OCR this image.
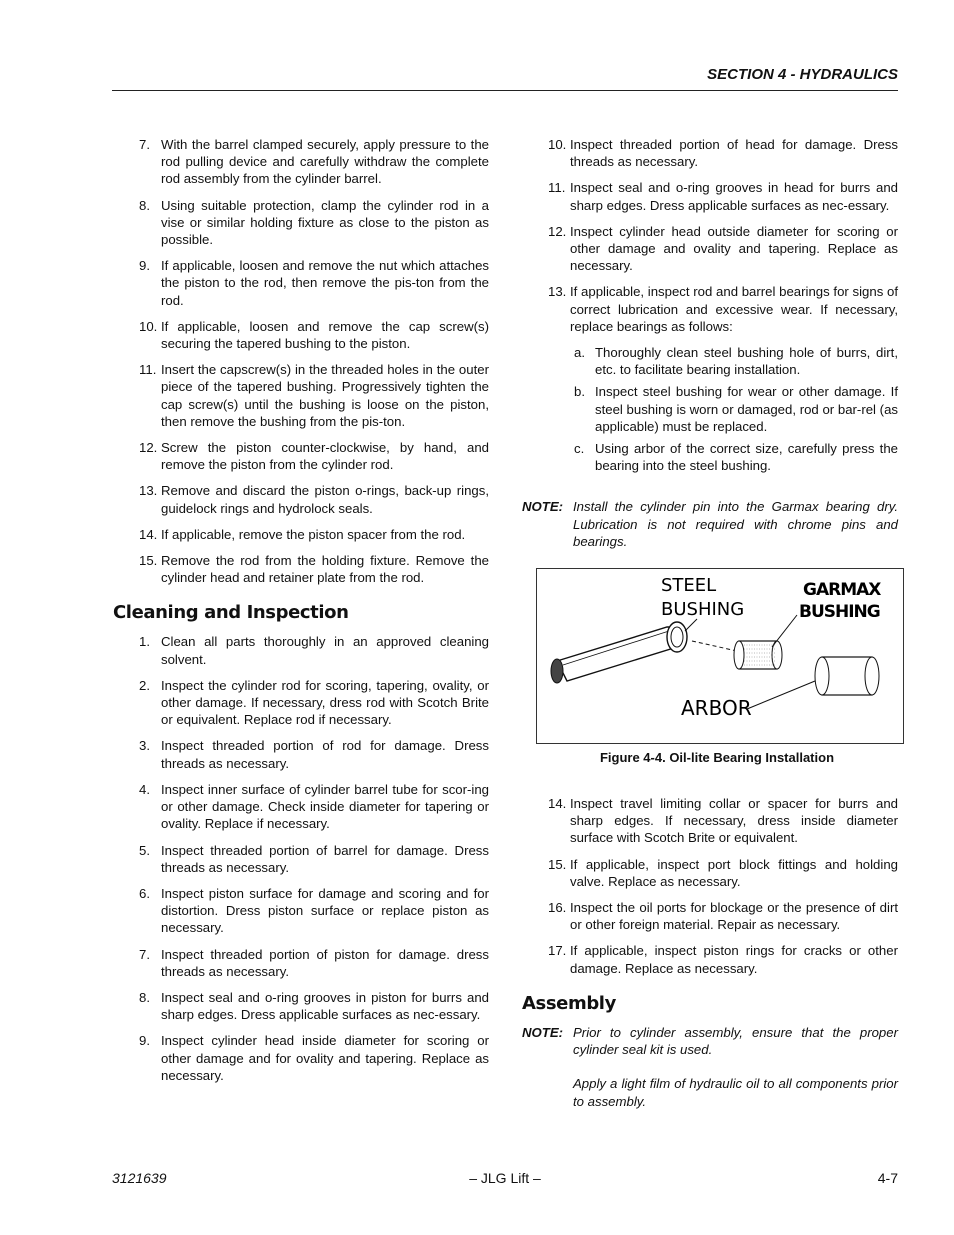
SECTION 4 - HYDRAULICS
7. With the barrel clamped securely, apply pressure to the rod pulling device and carefully withdraw the complete rod assembly from the cylinder barrel.
8. Using suitable protection, clamp the cylinder rod in a vise or similar holding fixture as close to the piston as possible.
9. If applicable, loosen and remove the nut which attaches the piston to the rod, then remove the pis-ton from the rod.
10. If applicable, loosen and remove the cap screw(s) securing the tapered bushing to the piston.
11. Insert the capscrew(s) in the threaded holes in the outer piece of the tapered bushing. Progressively tighten the cap screw(s) until the bushing is loose on the piston, then remove the bushing from the pis-ton.
12. Screw the piston counter-clockwise, by hand, and remove the piston from the cylinder rod.
13. Remove and discard the piston o-rings, back-up rings, guidelock rings and hydrolock seals.
14. If applicable, remove the piston spacer from the rod.
15. Remove the rod from the holding fixture. Remove the cylinder head and retainer plate from the rod.
Cleaning and Inspection
1. Clean all parts thoroughly in an approved cleaning solvent.
2. Inspect the cylinder rod for scoring, tapering, ovality, or other damage. If necessary, dress rod with Scotch Brite or equivalent. Replace rod if necessary.
3. Inspect threaded portion of rod for damage. Dress threads as necessary.
4. Inspect inner surface of cylinder barrel tube for scor-ing or other damage. Check inside diameter for tapering or ovality. Replace if necessary.
5. Inspect threaded portion of barrel for damage. Dress threads as necessary.
6. Inspect piston surface for damage and scoring and for distortion. Dress piston surface or replace piston as necessary.
7. Inspect threaded portion of piston for damage. dress threads as necessary.
8. Inspect seal and o-ring grooves in piston for burrs and sharp edges. Dress applicable surfaces as nec-essary.
9. Inspect cylinder head inside diameter for scoring or other damage and for ovality and tapering. Replace as necessary.
10. Inspect threaded portion of head for damage. Dress threads as necessary.
11. Inspect seal and o-ring grooves in head for burrs and sharp edges. Dress applicable surfaces as nec-essary.
12. Inspect cylinder head outside diameter for scoring or other damage and ovality and tapering. Replace as necessary.
13. If applicable, inspect rod and barrel bearings for signs of correct lubrication and excessive wear. If necessary, replace bearings as follows:
a. Thoroughly clean steel bushing hole of burrs, dirt, etc. to facilitate bearing installation.
b. Inspect steel bushing for wear or other damage. If steel bushing is worn or damaged, rod or bar-rel (as applicable) must be replaced.
c. Using arbor of the correct size, carefully press the bearing into the steel bushing.
NOTE: Install the cylinder pin into the Garmax bearing dry. Lubrication is not required with chrome pins and bearings.
STEEL
BUSHING
GARMAX
BUSHING
ARBOR
Figure 4-4. Oil-lite Bearing Installation
14. Inspect travel limiting collar or spacer for burrs and sharp edges. If necessary, dress inside diameter surface with Scotch Brite or equivalent.
15. If applicable, inspect port block fittings and holding valve. Replace as necessary.
16. Inspect the oil ports for blockage or the presence of dirt or other foreign material. Repair as necessary.
17. If applicable, inspect piston rings for cracks or other damage. Replace as necessary.
Assembly
NOTE: Prior to cylinder assembly, ensure that the proper cylinder seal kit is used.
Apply a light film of hydraulic oil to all components prior to assembly.
3121639	– JLG Lift –	4-7
